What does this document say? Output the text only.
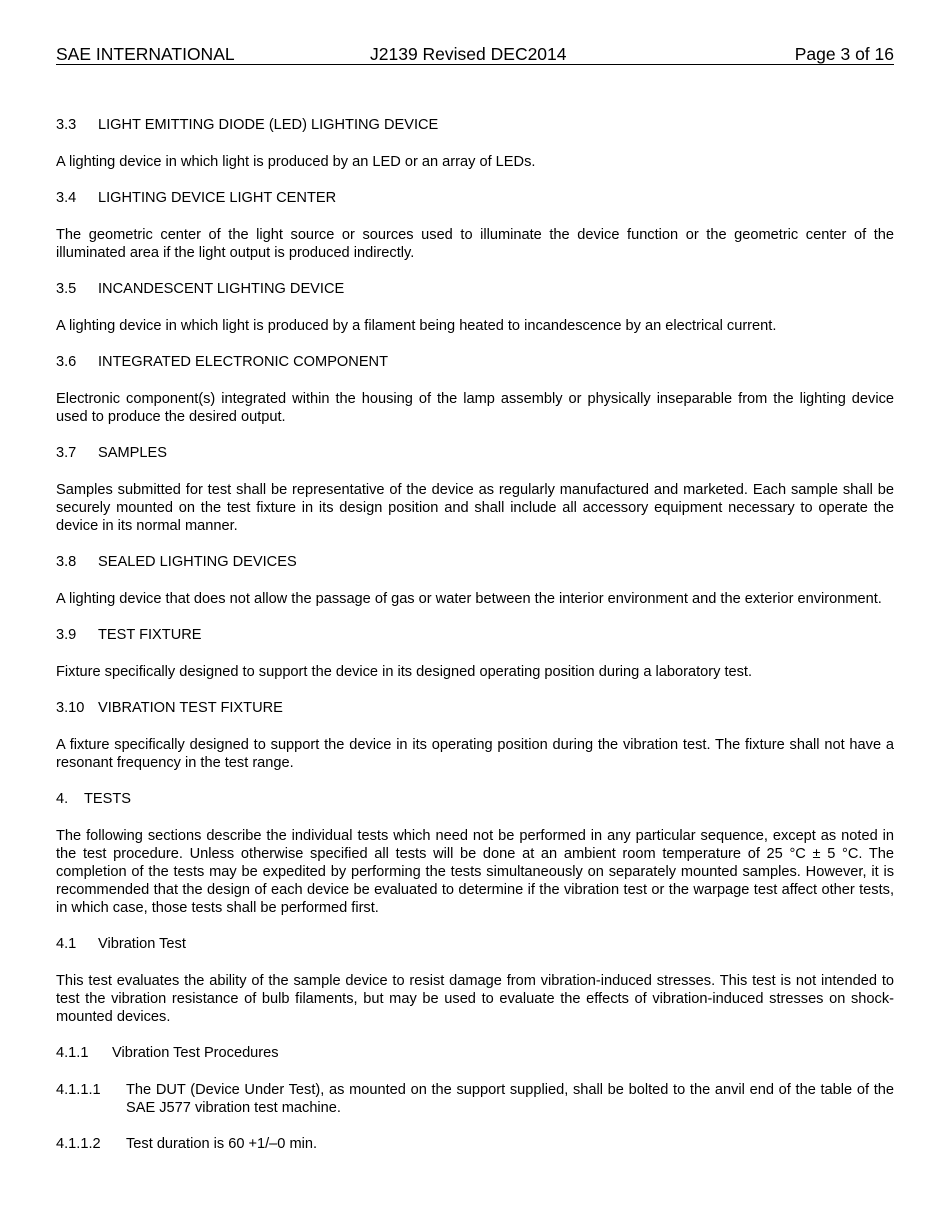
SAE INTERNATIONAL	J2139 Revised DEC2014	Page 3 of 16

3.3 LIGHT EMITTING DIODE (LED) LIGHTING DEVICE

A lighting device in which light is produced by an LED or an array of LEDs.

3.4 LIGHTING DEVICE LIGHT CENTER

The geometric center of the light source or sources used to illuminate the device function or the geometric center of the illuminated area if the light output is produced indirectly.

3.5 INCANDESCENT LIGHTING DEVICE

A lighting device in which light is produced by a filament being heated to incandescence by an electrical current.

3.6 INTEGRATED ELECTRONIC COMPONENT

Electronic component(s) integrated within the housing of the lamp assembly or physically inseparable from the lighting device used to produce the desired output.

3.7 SAMPLES

Samples submitted for test shall be representative of the device as regularly manufactured and marketed. Each sample shall be securely mounted on the test fixture in its design position and shall include all accessory equipment necessary to operate the device in its normal manner.

3.8 SEALED LIGHTING DEVICES

A lighting device that does not allow the passage of gas or water between the interior environment and the exterior environment.

3.9 TEST FIXTURE

Fixture specifically designed to support the device in its designed operating position during a laboratory test.

3.10 VIBRATION TEST FIXTURE

A fixture specifically designed to support the device in its operating position during the vibration test. The fixture shall not have a resonant frequency in the test range.

4. TESTS

The following sections describe the individual tests which need not be performed in any particular sequence, except as noted in the test procedure. Unless otherwise specified all tests will be done at an ambient room temperature of 25 °C ± 5 °C. The completion of the tests may be expedited by performing the tests simultaneously on separately mounted samples. However, it is recommended that the design of each device be evaluated to determine if the vibration test or the warpage test affect other tests, in which case, those tests shall be performed first.

4.1 Vibration Test

This test evaluates the ability of the sample device to resist damage from vibration-induced stresses. This test is not intended to test the vibration resistance of bulb filaments, but may be used to evaluate the effects of vibration-induced stresses on shock-mounted devices.

4.1.1 Vibration Test Procedures

4.1.1.1	The DUT (Device Under Test), as mounted on the support supplied, shall be bolted to the anvil end of the table of the SAE J577 vibration test machine.
4.1.1.2	Test duration is 60 +1/–0 min.
